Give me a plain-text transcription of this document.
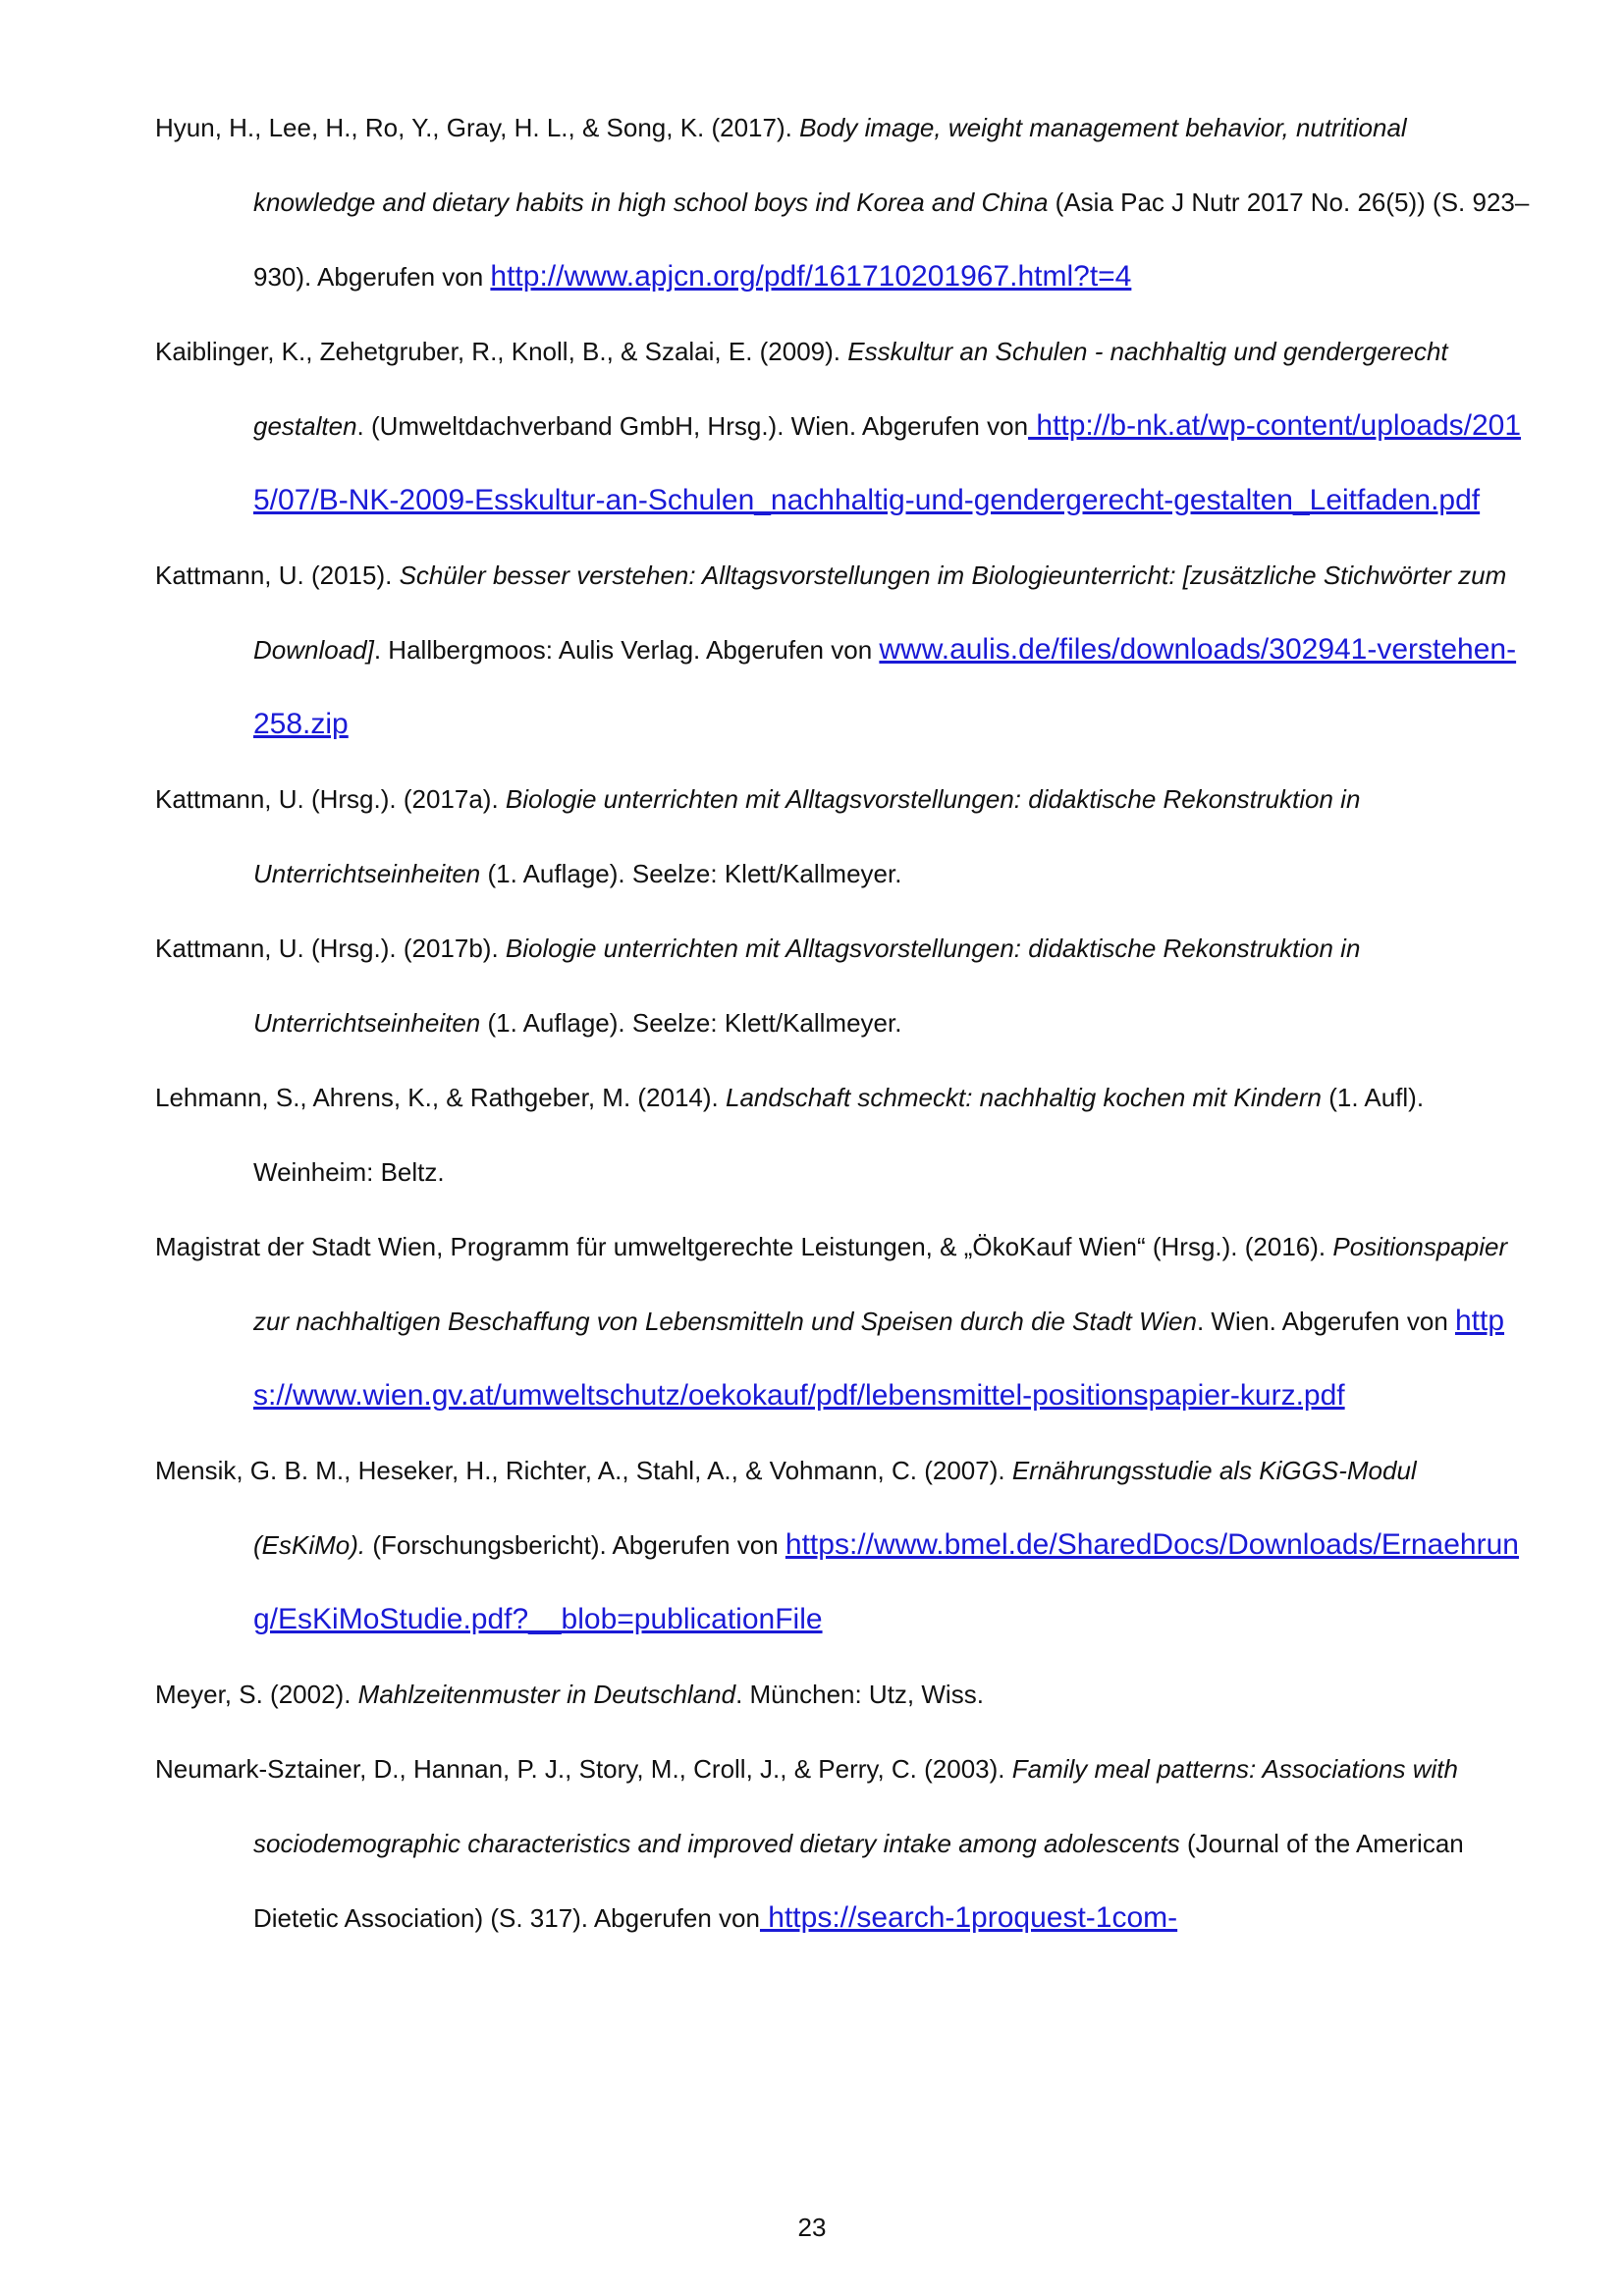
Hyun, H., Lee, H., Ro, Y., Gray, H. L., & Song, K. (2017). Body image, weight management behavior, nutritional knowledge and dietary habits in high school boys ind Korea and China (Asia Pac J Nutr 2017 No. 26(5)) (S. 923–930). Abgerufen von http://www.apjcn.org/pdf/161710201967.html?t=4
Kaiblinger, K., Zehetgruber, R., Knoll, B., & Szalai, E. (2009). Esskultur an Schulen - nachhaltig und gendergerecht gestalten. (Umweltdachverband GmbH, Hrsg.). Wien. Abgerufen von http://b-nk.at/wp-content/uploads/2015/07/B-NK-2009-Esskultur-an-Schulen_nachhaltig-und-gendergerecht-gestalten_Leitfaden.pdf
Kattmann, U. (2015). Schüler besser verstehen: Alltagsvorstellungen im Biologieunterricht: [zusätzliche Stichwörter zum Download]. Hallbergmoos: Aulis Verlag. Abgerufen von www.aulis.de/files/downloads/302941-verstehen-258.zip
Kattmann, U. (Hrsg.). (2017a). Biologie unterrichten mit Alltagsvorstellungen: didaktische Rekonstruktion in Unterrichtseinheiten (1. Auflage). Seelze: Klett/Kallmeyer.
Kattmann, U. (Hrsg.). (2017b). Biologie unterrichten mit Alltagsvorstellungen: didaktische Rekonstruktion in Unterrichtseinheiten (1. Auflage). Seelze: Klett/Kallmeyer.
Lehmann, S., Ahrens, K., & Rathgeber, M. (2014). Landschaft schmeckt: nachhaltig kochen mit Kindern (1. Aufl). Weinheim: Beltz.
Magistrat der Stadt Wien, Programm für umweltgerechte Leistungen, & „ÖkoKauf Wien“ (Hrsg.). (2016). Positionspapier zur nachhaltigen Beschaffung von Lebensmitteln und Speisen durch die Stadt Wien. Wien. Abgerufen von https://www.wien.gv.at/umweltschutz/oekokauf/pdf/lebensmittel-positionspapier-kurz.pdf
Mensik, G. B. M., Heseker, H., Richter, A., Stahl, A., & Vohmann, C. (2007). Ernährungsstudie als KiGGS-Modul (EsKiMo). (Forschungsbericht). Abgerufen von https://www.bmel.de/SharedDocs/Downloads/Ernaehrung/EsKiMoStudie.pdf?__blob=publicationFile
Meyer, S. (2002). Mahlzeitenmuster in Deutschland. München: Utz, Wiss.
Neumark-Sztainer, D., Hannan, P. J., Story, M., Croll, J., & Perry, C. (2003). Family meal patterns: Associations with sociodemographic characteristics and improved dietary intake among adolescents (Journal of the American Dietetic Association) (S. 317). Abgerufen von https://search-1proquest-1com-
23
